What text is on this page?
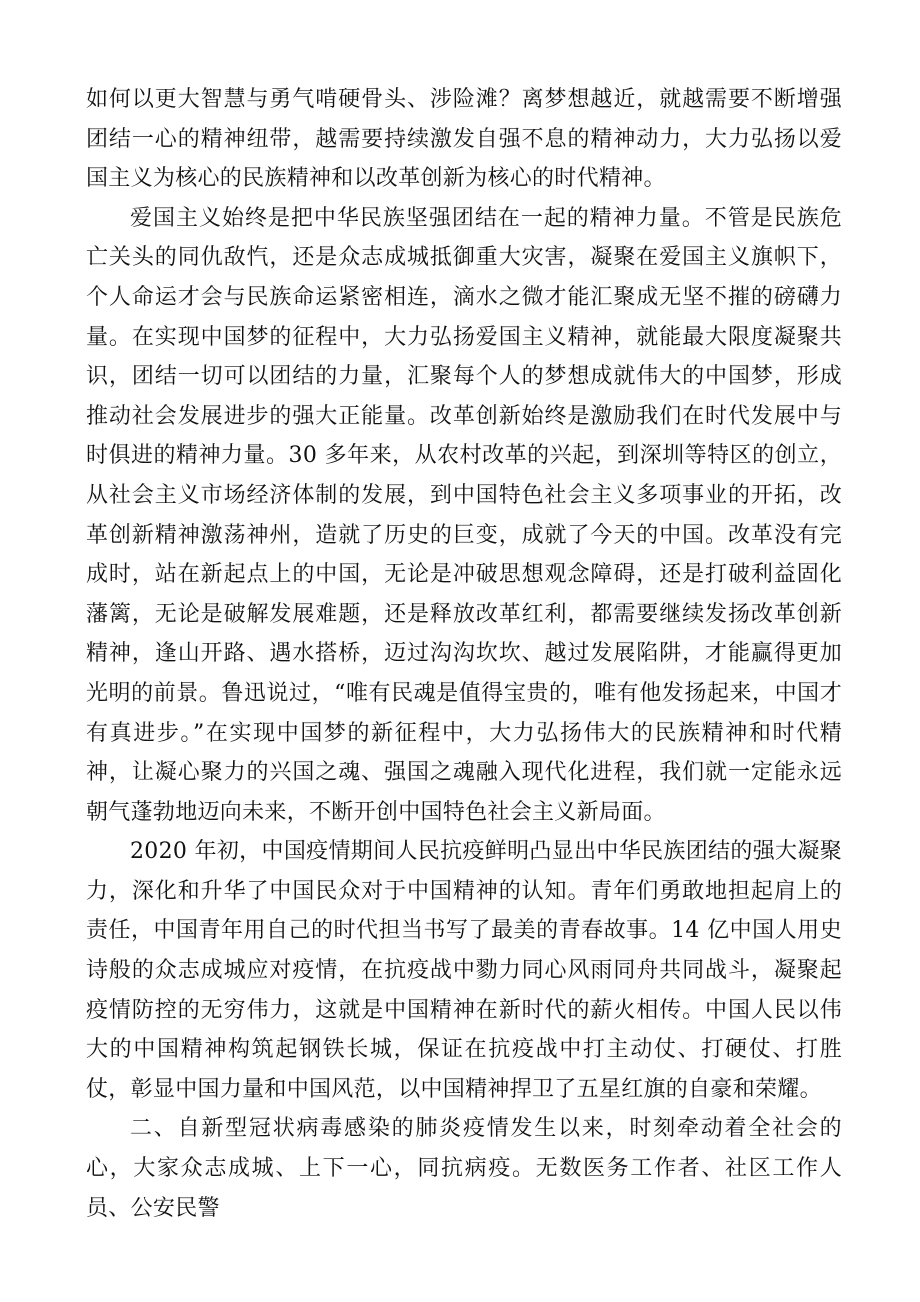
如何以更大智慧与勇气啃硬骨头、涉险滩？离梦想越近，就越需要不断增强团结一心的精神纽带，越需要持续激发自强不息的精神动力，大力弘扬以爱国主义为核心的民族精神和以改革创新为核心的时代精神。

爱国主义始终是把中华民族坚强团结在一起的精神力量。不管是民族危亡关头的同仇敌忾，还是众志成城抵御重大灾害，凝聚在爱国主义旗帜下，个人命运才会与民族命运紧密相连，滴水之微才能汇聚成无坚不摧的磅礴力量。在实现中国梦的征程中，大力弘扬爱国主义精神，就能最大限度凝聚共识，团结一切可以团结的力量，汇聚每个人的梦想成就伟大的中国梦，形成推动社会发展进步的强大正能量。改革创新始终是激励我们在时代发展中与时俱进的精神力量。30 多年来，从农村改革的兴起，到深圳等特区的创立，从社会主义市场经济体制的发展，到中国特色社会主义多项事业的开拓，改革创新精神激荡神州，造就了历史的巨变，成就了今天的中国。改革没有完成时，站在新起点上的中国，无论是冲破思想观念障碍，还是打破利益固化藩篱，无论是破解发展难题，还是释放改革红利，都需要继续发扬改革创新精神，逢山开路、遇水搭桥，迈过沟沟坎坎、越过发展陷阱，才能赢得更加光明的前景。鲁迅说过，“唯有民魂是值得宝贵的，唯有他发扬起来，中国才有真进步。”在实现中国梦的新征程中，大力弘扬伟大的民族精神和时代精神，让凝心聚力的兴国之魂、强国之魂融入现代化进程，我们就一定能永远朝气蓬勃地迈向未来，不断开创中国特色社会主义新局面。

2020 年初，中国疫情期间人民抗疫鲜明凸显出中华民族团结的强大凝聚力，深化和升华了中国民众对于中国精神的认知。青年们勇敢地担起肩上的责任，中国青年用自己的时代担当书写了最美的青春故事。14 亿中国人用史诗般的众志成城应对疫情，在抗疫战中勠力同心风雨同舟共同战斗，凝聚起疫情防控的无穷伟力，这就是中国精神在新时代的薪火相传。中国人民以伟大的中国精神构筑起钢铁长城，保证在抗疫战中打主动仗、打硬仗、打胜仗，彰显中国力量和中国风范，以中国精神捍卫了五星红旗的自豪和荣耀。

二、自新型冠状病毒感染的肺炎疫情发生以来，时刻牵动着全社会的心，大家众志成城、上下一心，同抗病疫。无数医务工作者、社区工作人员、公安民警
